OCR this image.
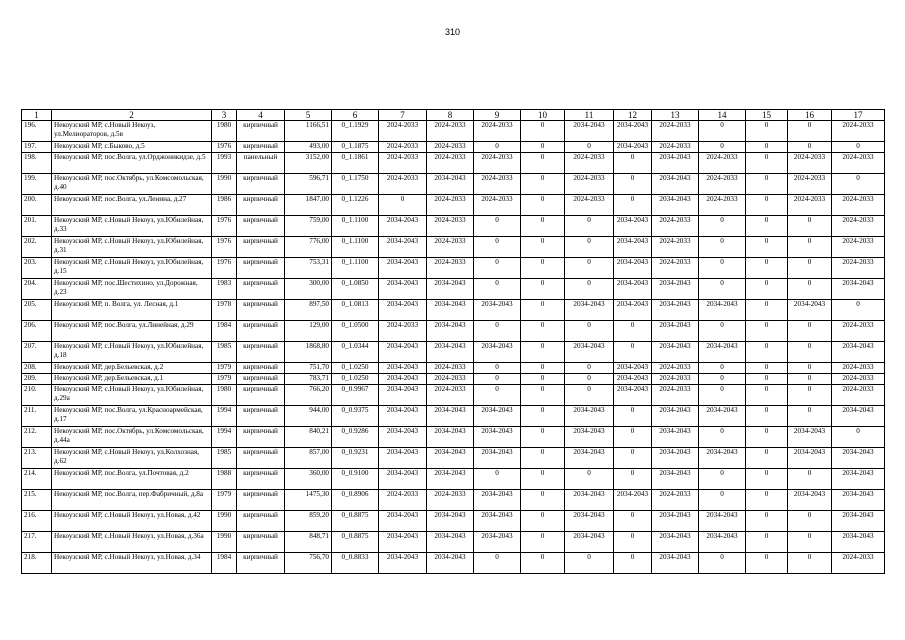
310
1	2	3	4	5	6	7	8	9	10	11	12	13	14	15	16	17
196.	Некоузский МР, с.Новый Некоуз, ул.Мелиораторов, д.5в	1980	кирпичный	1166,51	0_1.1929	2024-2033	2024-2033	2024-2033	0	2034-2043	2034-2043	2024-2033	0	0	0	2024-2033
197.	Некоузский МР, с.Быково, д.5	1976	кирпичный	493,00	0_1.1875	2024-2033	2024-2033	0	0	0	2034-2043	2024-2033	0	0	0	0
198.	Некоузский МР, пос.Волга, ул.Орджоникидзе, д.5	1993	панельный	3152,00	0_1.1861	2024-2033	2024-2033	2024-2033	0	2024-2033	0	2034-2043	2024-2033	0	2024-2033	2024-2033
199.	Некоузский МР, пос.Октябрь, ул.Комсомольская, д.40	1990	кирпичный	596,71	0_1.1750	2024-2033	2034-2043	2024-2033	0	2024-2033	0	2034-2043	2024-2033	0	2024-2033	0
200.	Некоузский МР, пос.Волга, ул.Ленина, д.27	1986	кирпичный	1847,00	0_1.1226	0	2024-2033	2024-2033	0	2024-2033	0	2034-2043	2024-2033	0	2024-2033	2024-2033
201.	Некоузский МР, с.Новый Некоуз, ул.Юбилейная, д.33	1976	кирпичный	759,00	0_1.1100	2034-2043	2024-2033	0	0	0	2034-2043	2024-2033	0	0	0	2024-2033
202.	Некоузский МР, с.Новый Некоуз, ул.Юбилейная, д.31	1976	кирпичный	776,00	0_1.1100	2034-2043	2024-2033	0	0	0	2034-2043	2024-2033	0	0	0	2024-2033
203.	Некоузский МР, с.Новый Некоуз, ул.Юбилейная, д.15	1976	кирпичный	753,31	0_1.1100	2034-2043	2024-2033	0	0	0	2034-2043	2024-2033	0	0	0	2024-2033
204.	Некоузский МР, пос.Шестихино, ул.Дорожная, д.23	1983	кирпичный	300,00	0_1.0850	2034-2043	2034-2043	0	0	0	2034-2043	2034-2043	0	0	0	2034-2043
205.	Некоузский МР, п. Волга, ул. Лесная, д.1	1978	кирпичный	897,50	0_1.0813	2034-2043	2034-2043	2034-2043	0	2034-2043	2034-2043	2034-2043	2034-2043	0	2034-2043	0
206.	Некоузский МР, пос.Волга, ул.Линейная, д.29	1984	кирпичный	129,00	0_1.0500	2024-2033	2034-2043	0	0	0	0	2034-2043	0	0	0	2024-2033
207.	Некоузский МР, с.Новый Некоуз, ул.Юбилейная, д.18	1985	кирпичный	1868,80	0_1.0344	2034-2043	2034-2043	2034-2043	0	2034-2043	0	2034-2043	2034-2043	0	0	2034-2043
208.	Некоузский МР, дер.Бельевская, д.2	1979	кирпичный	751,70	0_1.0250	2034-2043	2024-2033	0	0	0	2034-2043	2024-2033	0	0	0	2024-2033
209.	Некоузский МР, дер.Бельевская, д.1	1979	кирпичный	783,71	0_1.0250	2034-2043	2024-2033	0	0	0	2034-2043	2024-2033	0	0	0	2024-2033
210.	Некоузский МР, с.Новый Некоуз, ул.Юбилейная, д.29а	1980	кирпичный	766,20	0_0.9967	2034-2043	2024-2033	0	0	0	2034-2043	2024-2033	0	0	0	2024-2033
211.	Некоузский МР, пос.Волга, ул.Красноармейская, д.17	1994	кирпичный	944,00	0_0.9375	2034-2043	2034-2043	2034-2043	0	2034-2043	0	2034-2043	2034-2043	0	0	2034-2043
212.	Некоузский МР, пос.Октябрь, ул.Комсомольская, д.44а	1994	кирпичный	840,21	0_0.9286	2034-2043	2034-2043	2034-2043	0	2034-2043	0	2034-2043	0	0	2034-2043	0
213.	Некоузский МР, с.Новый Некоуз, ул.Колхозная, д.62	1985	кирпичный	857,00	0_0.9231	2034-2043	2034-2043	2034-2043	0	2034-2043	0	2034-2043	2034-2043	0	2034-2043	2034-2043
214.	Некоузский МР, пос.Волга, ул.Почтовая, д.2	1988	кирпичный	360,00	0_0.9100	2034-2043	2034-2043	0	0	0	0	2034-2043	0	0	0	2034-2043
215.	Некоузский МР, пос.Волга, пер.Фабричный, д.8а	1979	кирпичный	1475,30	0_0.8906	2024-2033	2024-2033	2034-2043	0	2034-2043	2034-2043	2024-2033	0	0	2034-2043	2034-2043
216.	Некоузский МР, с.Новый Некоуз, ул.Новая, д.42	1990	кирпичный	859,20	0_0.8875	2034-2043	2034-2043	2034-2043	0	2034-2043	0	2034-2043	2034-2043	0	0	2034-2043
217.	Некоузский МР, с.Новый Некоуз, ул.Новая, д.36а	1990	кирпичный	848,71	0_0.8875	2034-2043	2034-2043	2034-2043	0	2034-2043	0	2034-2043	2034-2043	0	0	2034-2043
218.	Некоузский МР, с.Новый Некоуз, ул.Новая, д.34	1984	кирпичный	756,70	0_0.8833	2034-2043	2034-2043	0	0	0	0	2034-2043	0	0	0	2024-2033
